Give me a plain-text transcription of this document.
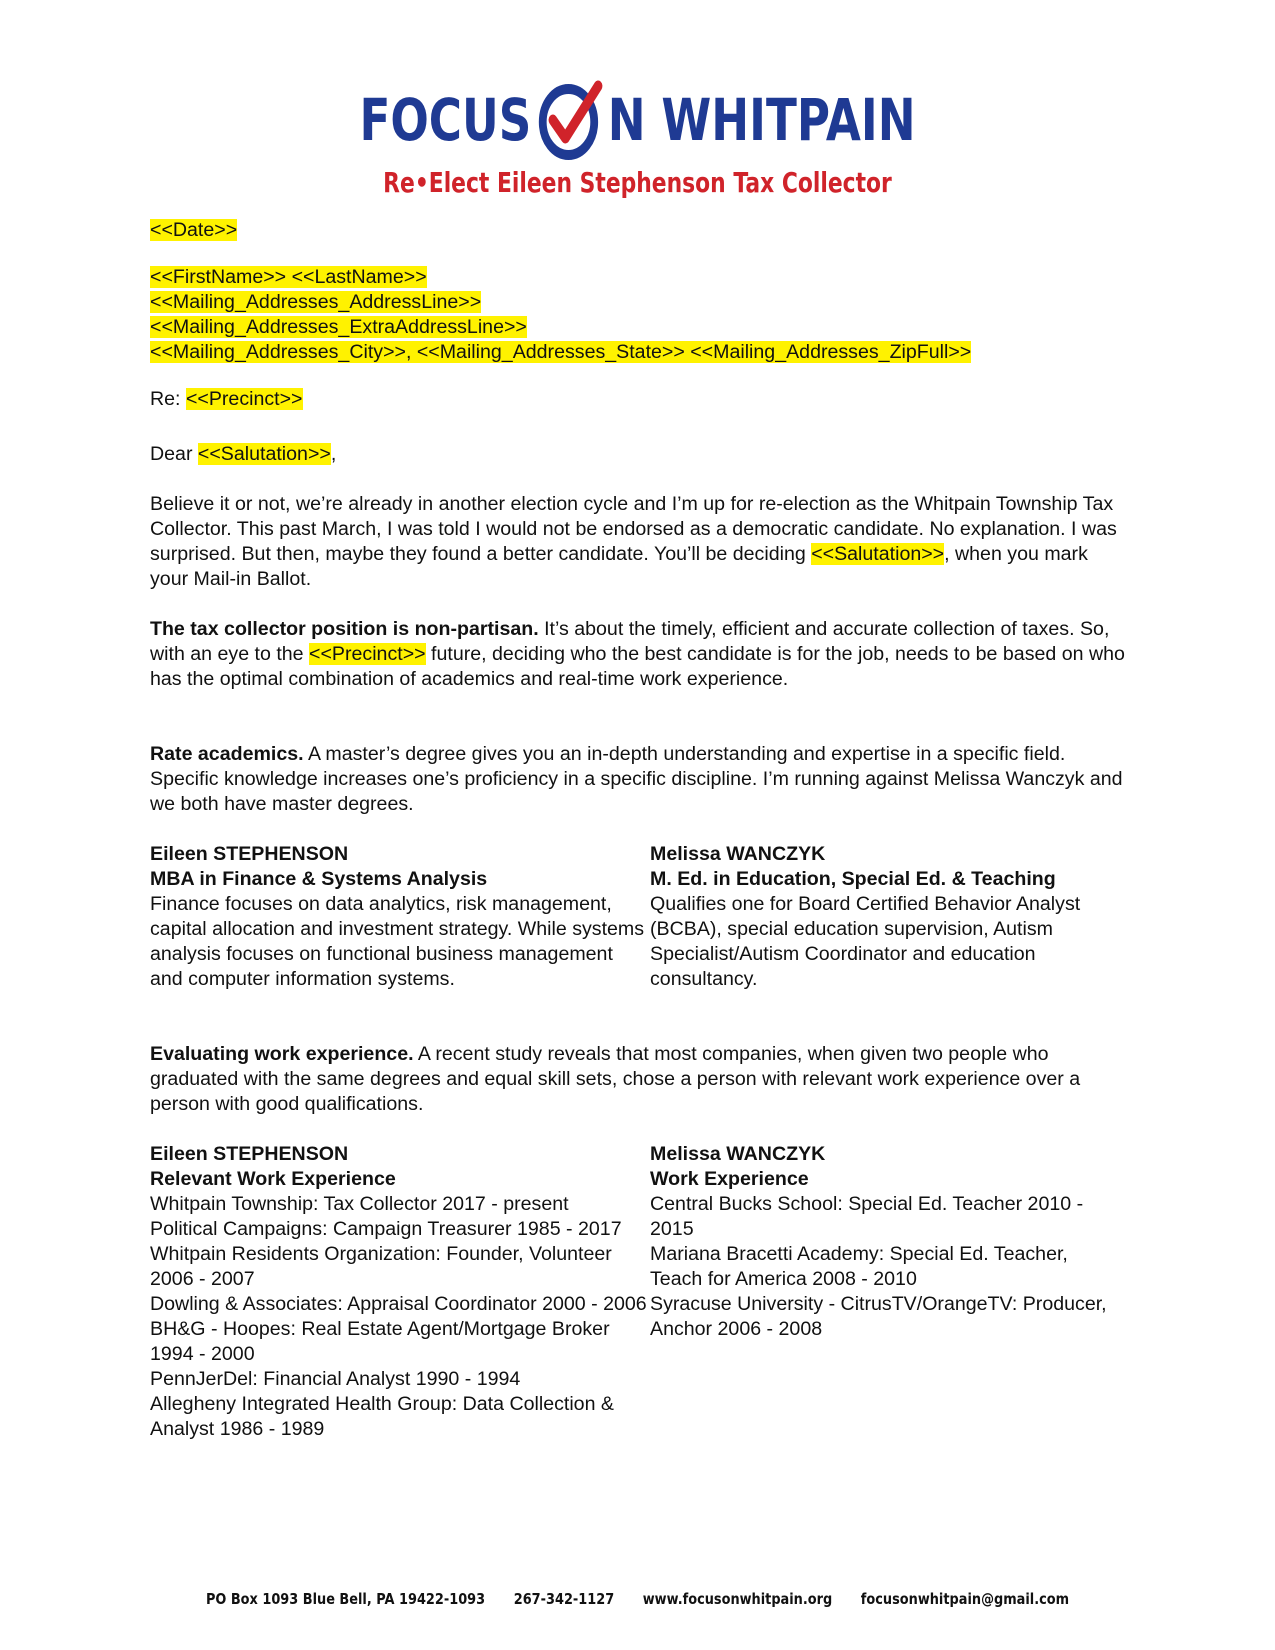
FOCUS N WHITPAIN
Re•Elect Eileen Stephenson Tax Collector
<<Date>>
<<FirstName>> <<LastName>>
<<Mailing_Addresses_AddressLine>>
<<Mailing_Addresses_ExtraAddressLine>>
<<Mailing_Addresses_City>>, <<Mailing_Addresses_State>> <<Mailing_Addresses_ZipFull>>
Re: <<Precinct>>
Dear <<Salutation>>,

Believe it or not, we’re already in another election cycle and I’m up for re-election as the Whitpain Township Tax Collector. This past March, I was told I would not be endorsed as a democratic candidate. No explanation. I was surprised. But then, maybe they found a better candidate. You’ll be deciding <<Salutation>>, when you mark your Mail-in Ballot.

The tax collector position is non-partisan. It’s about the timely, efficient and accurate collection of taxes. So, with an eye to the <<Precinct>> future, deciding who the best candidate is for the job, needs to be based on who has the optimal combination of academics and real-time work experience.

Rate academics. A master’s degree gives you an in-depth understanding and expertise in a specific field. Specific knowledge increases one’s proficiency in a specific discipline. I’m running against Melissa Wanczyk and we both have master degrees.

Eileen STEPHENSON
MBA in Finance & Systems Analysis
Finance focuses on data analytics, risk management, capital allocation and investment strategy. While systems analysis focuses on functional business management and computer information systems.
Melissa WANCZYK
M. Ed. in Education, Special Ed. & Teaching
Qualifies one for Board Certified Behavior Analyst (BCBA), special education supervision, Autism Specialist/Autism Coordinator and education consultancy.

Evaluating work experience. A recent study reveals that most companies, when given two people who graduated with the same degrees and equal skill sets, chose a person with relevant work experience over a person with good qualifications.

Eileen STEPHENSON
Relevant Work Experience
Whitpain Township: Tax Collector 2017 - present
Political Campaigns: Campaign Treasurer 1985 - 2017
Whitpain Residents Organization: Founder, Volunteer 2006 - 2007
Dowling & Associates: Appraisal Coordinator 2000 - 2006
BH&G - Hoopes: Real Estate Agent/Mortgage Broker 1994 - 2000
PennJerDel: Financial Analyst 1990 - 1994
Allegheny Integrated Health Group: Data Collection & Analyst 1986 - 1989
Melissa WANCZYK
Work Experience
Central Bucks School: Special Ed. Teacher 2010 - 2015
Mariana Bracetti Academy: Special Ed. Teacher, Teach for America 2008 - 2010
Syracuse University - CitrusTV/OrangeTV: Producer, Anchor 2006 - 2008
PO Box 1093 Blue Bell, PA 19422-1093 267-342-1127 www.focusonwhitpain.org focusonwhitpain@gmail.com
